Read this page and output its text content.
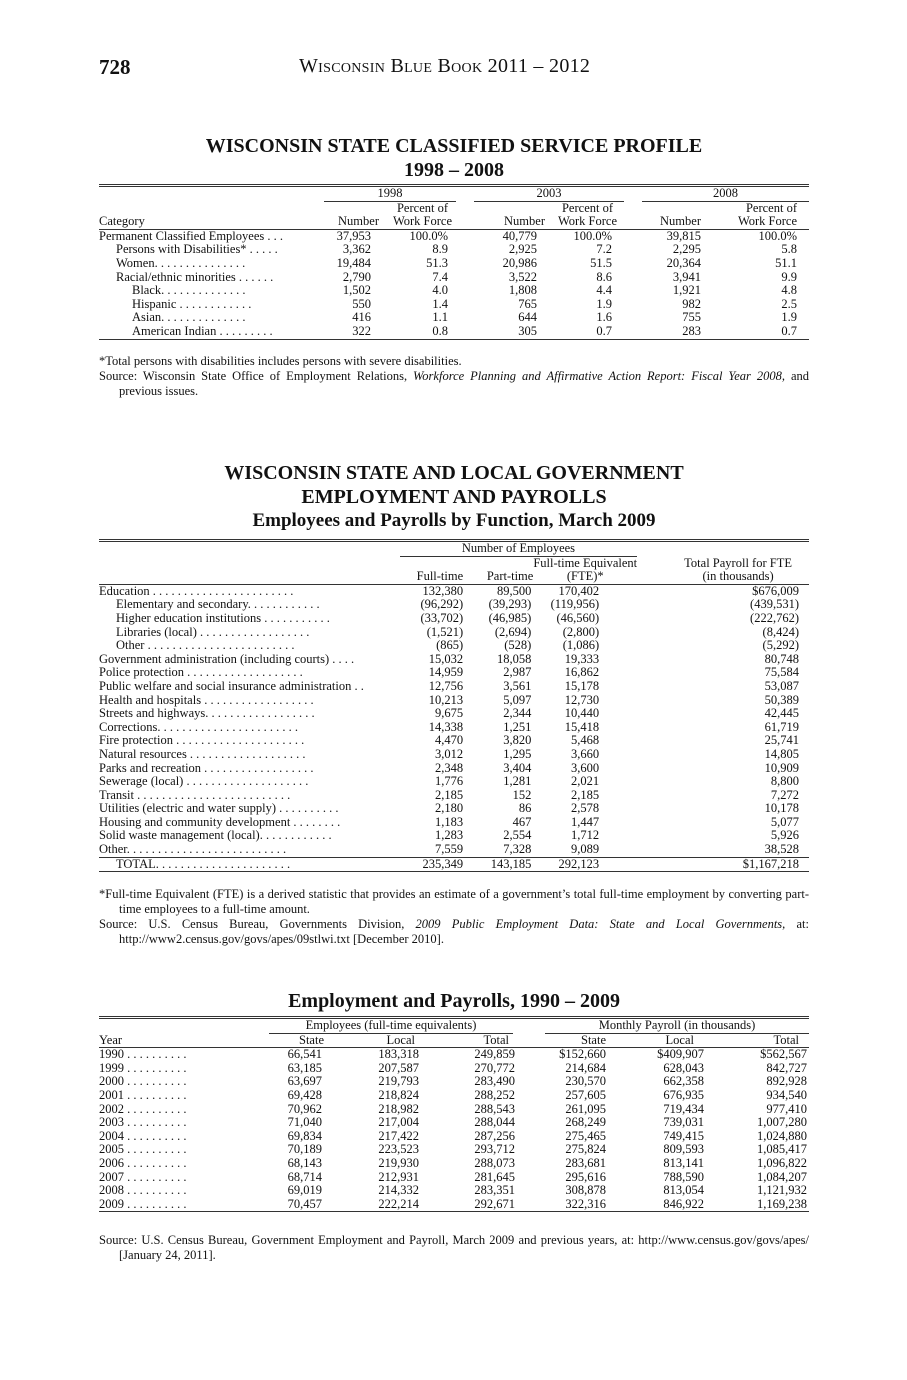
728	Wisconsin Blue Book 2011 – 2012
WISCONSIN STATE CLASSIFIED SERVICE PROFILE
1998 – 2008

	1998		2003		2008	

		Percent of		Percent of		Percent of
Category	Number	Work Force	Number	Work Force	Number	Work Force
Permanent Classified Employees . . .	37,953	100.0%	40,779	100.0%	39,815	100.0%
Persons with Disabilities* . . . . .	3,362	8.9	2,925	7.2	2,295	5.8
Women. . . . . . . . . . . . . . .	19,484	51.3	20,986	51.5	20,364	51.1
Racial/ethnic minorities . . . . . .	2,790	7.4	3,522	8.6	3,941	9.9
Black. . . . . . . . . . . . . .	1,502	4.0	1,808	4.4	1,921	4.8
Hispanic . . . . . . . . . . . .	550	1.4	765	1.9	982	2.5
Asian. . . . . . . . . . . . . .	416	1.1	644	1.6	755	1.9
American Indian . . . . . . . . .	322	0.8	305	0.7	283	0.7

*Total persons with disabilities includes persons with severe disabilities.

Source: Wisconsin State Office of Employment Relations, Workforce Planning and Affirmative Action Report: Fiscal Year 2008, and previous issues.

WISCONSIN STATE AND LOCAL GOVERNMENT
EMPLOYMENT AND PAYROLLS
Employees and Payrolls by Function, March 2009

	Number of Employees			

			Full-time Equivalent	Total Payroll for FTE
	Full-time	Part-time	(FTE)*	(in thousands)
Education . . . . . . . . . . . . . . . . . . . . . . .	132,380	89,500	170,402	$676,009
Elementary and secondary. . . . . . . . . . . .	(96,292)	(39,293)	(119,956)	(439,531)
Higher education institutions . . . . . . . . . . .	(33,702)	(46,985)	(46,560)	(222,762)
Libraries (local) . . . . . . . . . . . . . . . . . .	(1,521)	(2,694)	(2,800)	(8,424)
Other . . . . . . . . . . . . . . . . . . . . . . . .	(865)	(528)	(1,086)	(5,292)
Government administration (including courts) . . . .	15,032	18,058	19,333	80,748
Police protection . . . . . . . . . . . . . . . . . . .	14,959	2,987	16,862	75,584
Public welfare and social insurance administration . .	12,756	3,561	15,178	53,087
Health and hospitals . . . . . . . . . . . . . . . . . .	10,213	5,097	12,730	50,389
Streets and highways. . . . . . . . . . . . . . . . . .	9,675	2,344	10,440	42,445
Corrections. . . . . . . . . . . . . . . . . . . . . . .	14,338	1,251	15,418	61,719
Fire protection . . . . . . . . . . . . . . . . . . . . .	4,470	3,820	5,468	25,741
Natural resources . . . . . . . . . . . . . . . . . . .	3,012	1,295	3,660	14,805
Parks and recreation . . . . . . . . . . . . . . . . . .	2,348	3,404	3,600	10,909
Sewerage (local) . . . . . . . . . . . . . . . . . . . .	1,776	1,281	2,021	8,800
Transit . . . . . . . . . . . . . . . . . . . . . . . . .	2,185	152	2,185	7,272
Utilities (electric and water supply) . . . . . . . . . .	2,180	86	2,578	10,178
Housing and community development . . . . . . . .	1,183	467	1,447	5,077
Solid waste management (local). . . . . . . . . . . .	1,283	2,554	1,712	5,926
Other. . . . . . . . . . . . . . . . . . . . . . . . . .	7,559	7,328	9,089	38,528
TOTAL. . . . . . . . . . . . . . . . . . . . . .	235,349	143,185	292,123	$1,167,218

*Full-time Equivalent (FTE) is a derived statistic that provides an estimate of a government’s total full-time employment by converting part-time employees to a full-time amount.

Source: U.S. Census Bureau, Governments Division, 2009 Public Employment Data: State and Local Governments, at: http://www2.census.gov/govs/apes/09stlwi.txt [December 2010].

Employment and Payrolls, 1990 – 2009

	Employees (full-time equivalents)			Monthly Payroll (in thousands)		

Year	State	Local	Total	State	Local	Total
1990 . . . . . . . . . .	66,541	183,318	249,859	$152,660	$409,907	$562,567
1999 . . . . . . . . . .	63,185	207,587	270,772	214,684	628,043	842,727
2000 . . . . . . . . . .	63,697	219,793	283,490	230,570	662,358	892,928
2001 . . . . . . . . . .	69,428	218,824	288,252	257,605	676,935	934,540
2002 . . . . . . . . . .	70,962	218,982	288,543	261,095	719,434	977,410
2003 . . . . . . . . . .	71,040	217,004	288,044	268,249	739,031	1,007,280
2004 . . . . . . . . . .	69,834	217,422	287,256	275,465	749,415	1,024,880
2005 . . . . . . . . . .	70,189	223,523	293,712	275,824	809,593	1,085,417
2006 . . . . . . . . . .	68,143	219,930	288,073	283,681	813,141	1,096,822
2007 . . . . . . . . . .	68,714	212,931	281,645	295,616	788,590	1,084,207
2008 . . . . . . . . . .	69,019	214,332	283,351	308,878	813,054	1,121,932
2009 . . . . . . . . . .	70,457	222,214	292,671	322,316	846,922	1,169,238

Source: U.S. Census Bureau, Government Employment and Payroll, March 2009 and previous years, at: http://www.census.gov/govs/apes/ [January 24, 2011].
